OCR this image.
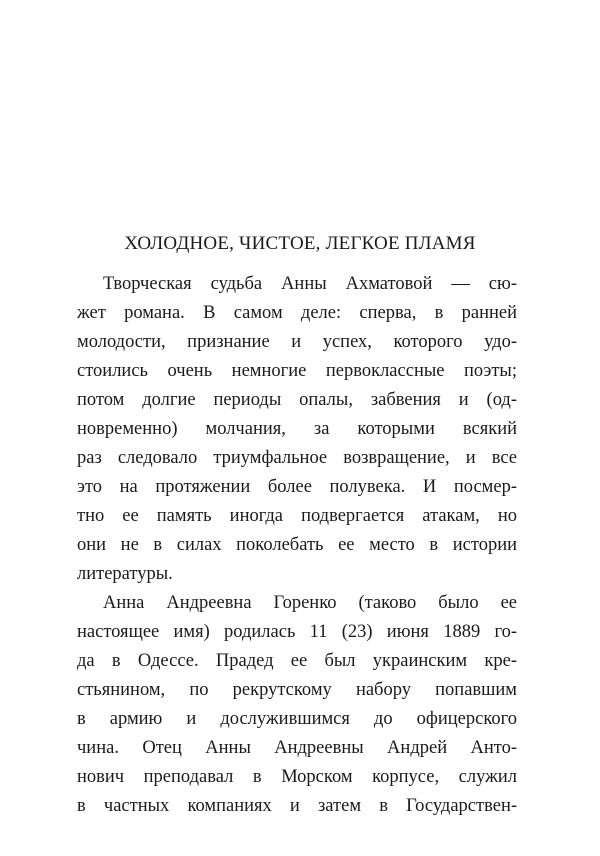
ХОЛОДНОЕ, ЧИСТОЕ, ЛЕГКОЕ ПЛАМЯ
Творческая судьба Анны Ахматовой — сю-
жет романа. В самом деле: сперва, в ранней
молодости, признание и успех, которого удо-
стоились очень немногие первоклассные поэты;
потом долгие периоды опалы, забвения и (од-
новременно) молчания, за которыми всякий
раз следовало триумфальное возвращение, и все
это на протяжении более полувека. И посмер-
тно ее память иногда подвергается атакам, но
они не в силах поколебать ее место в истории
литературы.
Анна Андреевна Горенко (таково было ее
настоящее имя) родилась 11 (23) июня 1889 го-
да в Одессе. Прадед ее был украинским кре-
стьянином, по рекрутскому набору попавшим
в армию и дослужившимся до офицерского
чина. Отец Анны Андреевны Андрей Анто-
нович преподавал в Морском корпусе, служил
в частных компаниях и затем в Государствен-
